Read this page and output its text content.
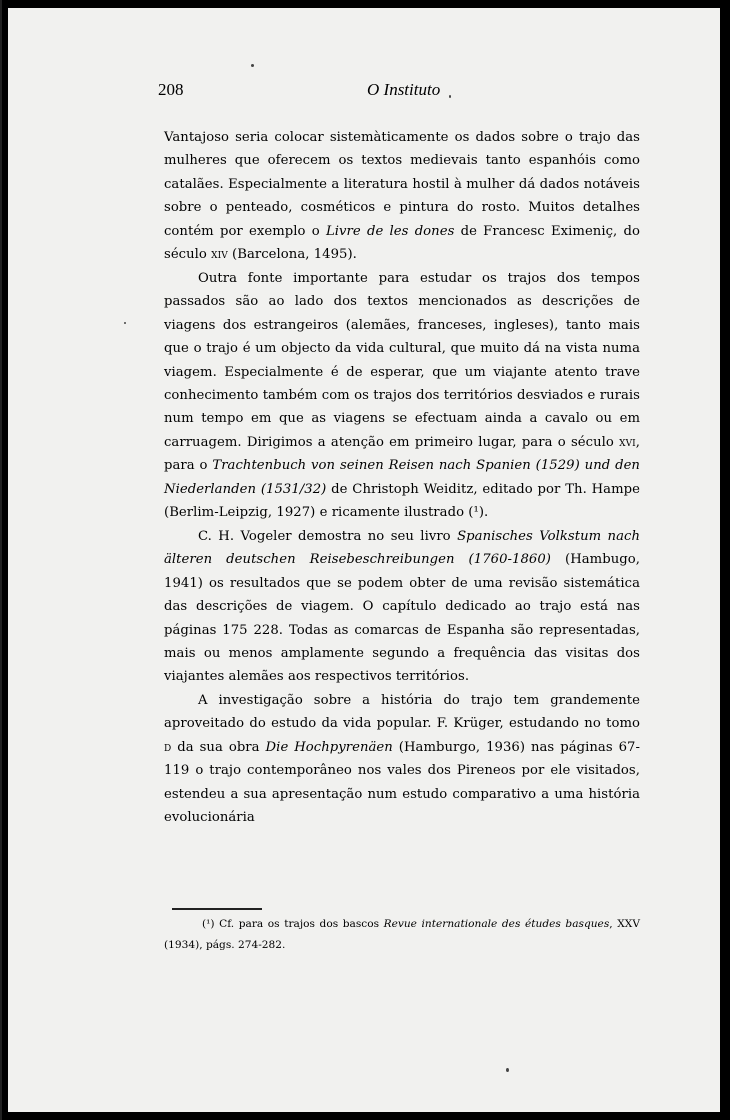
208	O Instituto

Vantajoso seria colocar sistemàticamente os dados sobre o trajo das mulheres que oferecem os textos medievais tanto espanhóis como catalães. Especialmente a literatura hostil à mulher dá dados notáveis sobre o penteado, cosméticos e pintura do rosto. Muitos detalhes contém por exemplo o Livre de les dones de Francesc Eximeniç, do século xiv (Barcelona, 1495).

Outra fonte importante para estudar os trajos dos tempos passados são ao lado dos textos mencionados as descrições de viagens dos estrangeiros (alemães, franceses, ingleses), tanto mais que o trajo é um objecto da vida cultural, que muito dá na vista numa viagem. Especialmente é de esperar, que um viajante atento trave conhecimento também com os trajos dos territórios desviados e rurais num tempo em que as viagens se efectuam ainda a cavalo ou em carruagem. Dirigimos a atenção em primeiro lugar, para o século xvi, para o Trachtenbuch von seinen Reisen nach Spanien (1529) und den Niederlanden (1531/32) de Christoph Weiditz, editado por Th. Hampe (Berlim-Leipzig, 1927) e ricamente ilustrado (¹).

C. H. Vogeler demostra no seu livro Spanisches Volkstum nach älteren deutschen Reisebeschreibungen (1760-1860) (Hambugo, 1941) os resultados que se podem obter de uma revisão sistemática das descrições de viagem. O capítulo dedicado ao trajo está nas páginas 175 228. Todas as comarcas de Espanha são representadas, mais ou menos amplamente segundo a frequência das visitas dos viajantes alemães aos respectivos territórios.

A investigação sobre a história do trajo tem grandemente aproveitado do estudo da vida popular. F. Krüger, estudando no tomo d da sua obra Die Hochpyrenäen (Hamburgo, 1936) nas páginas 67-119 o trajo contemporâneo nos vales dos Pireneos por ele visitados, estendeu a sua apresentação num estudo comparativo a uma história evolucionária

(¹) Cf. para os trajos dos bascos Revue internationale des études basques, XXV (1934), págs. 274-282.
